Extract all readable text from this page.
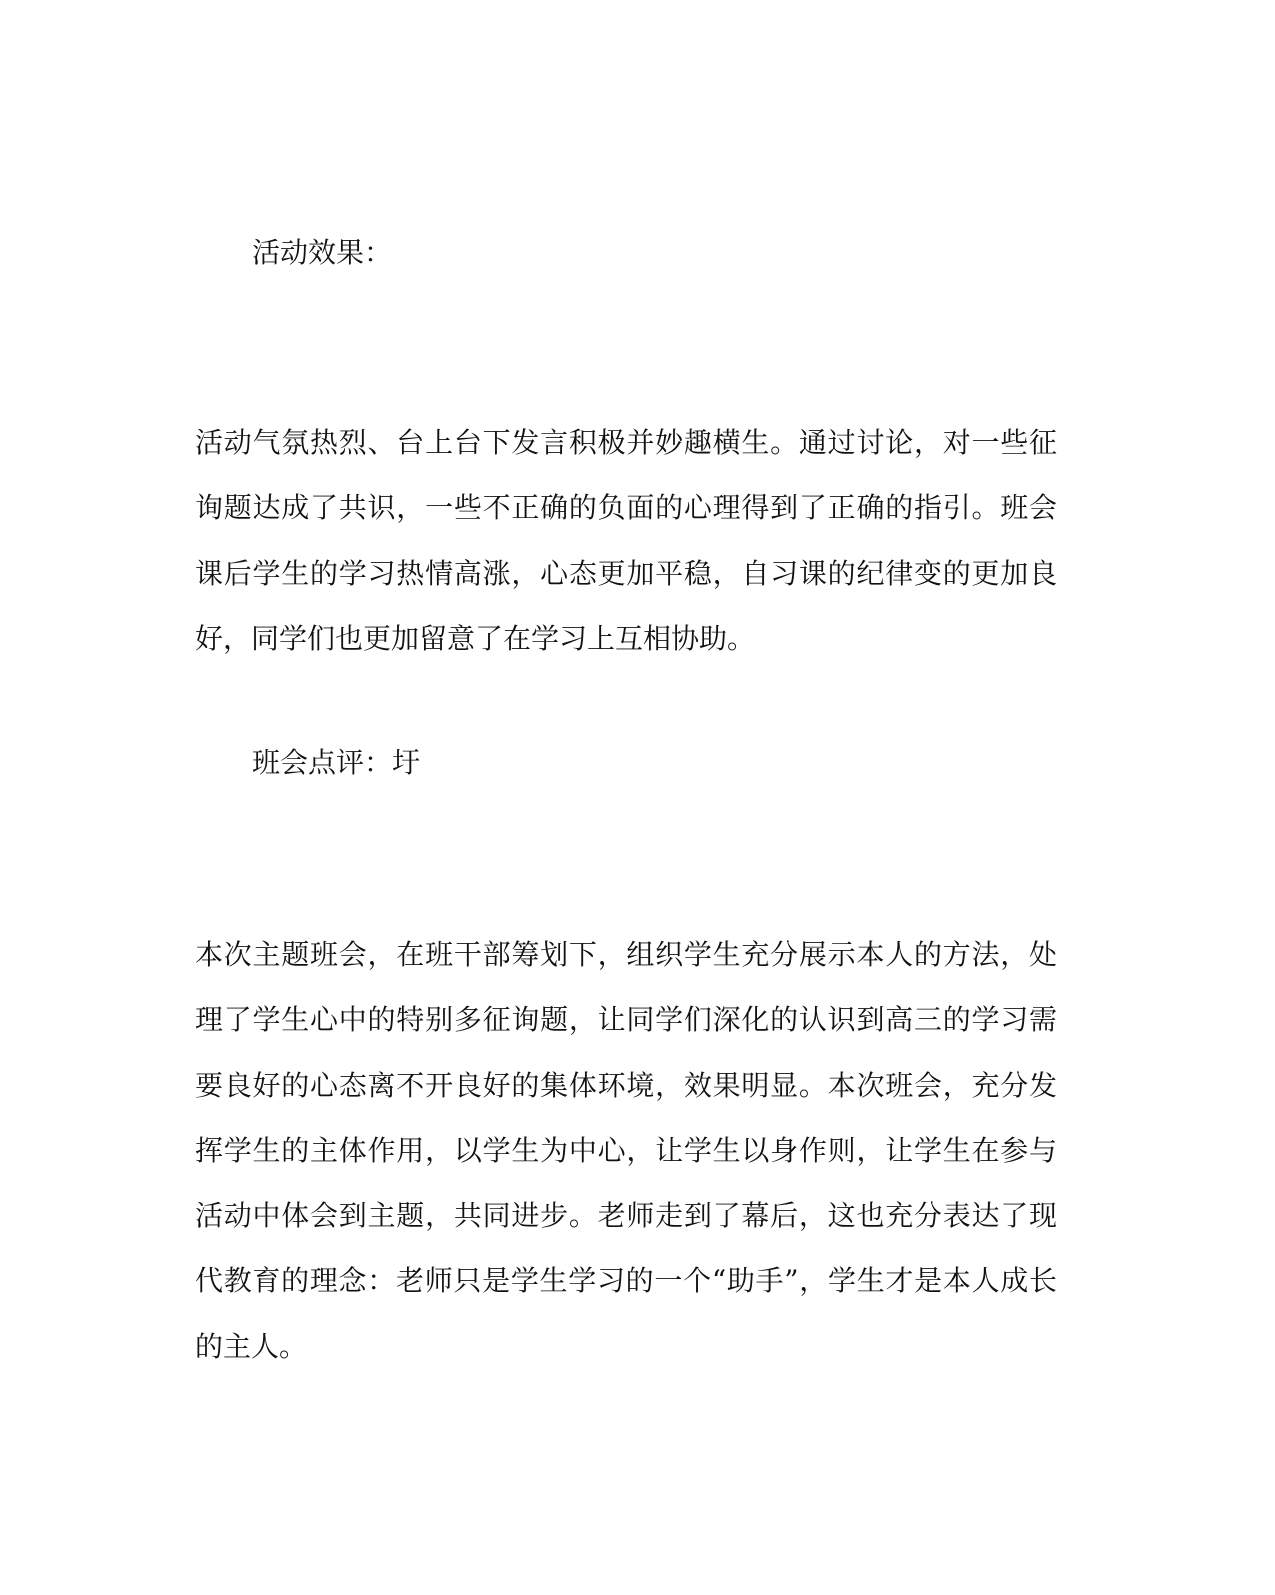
活动效果：
活动气氛热烈、台上台下发言积极并妙趣横生。通过讨论，对一些征
询题达成了共识，一些不正确的负面的心理得到了正确的指引。班会
课后学生的学习热情高涨，心态更加平稳，自习课的纪律变的更加良
好，同学们也更加留意了在学习上互相协助。
班会点评：圩
本次主题班会，在班干部筹划下，组织学生充分展示本人的方法，处
理了学生心中的特别多征询题，让同学们深化的认识到高三的学习需
要良好的心态离不开良好的集体环境，效果明显。本次班会，充分发
挥学生的主体作用，以学生为中心，让学生以身作则，让学生在参与
活动中体会到主题，共同进步。老师走到了幕后，这也充分表达了现
代教育的理念：老师只是学生学习的一个“助手”，学生才是本人成长
的主人。
